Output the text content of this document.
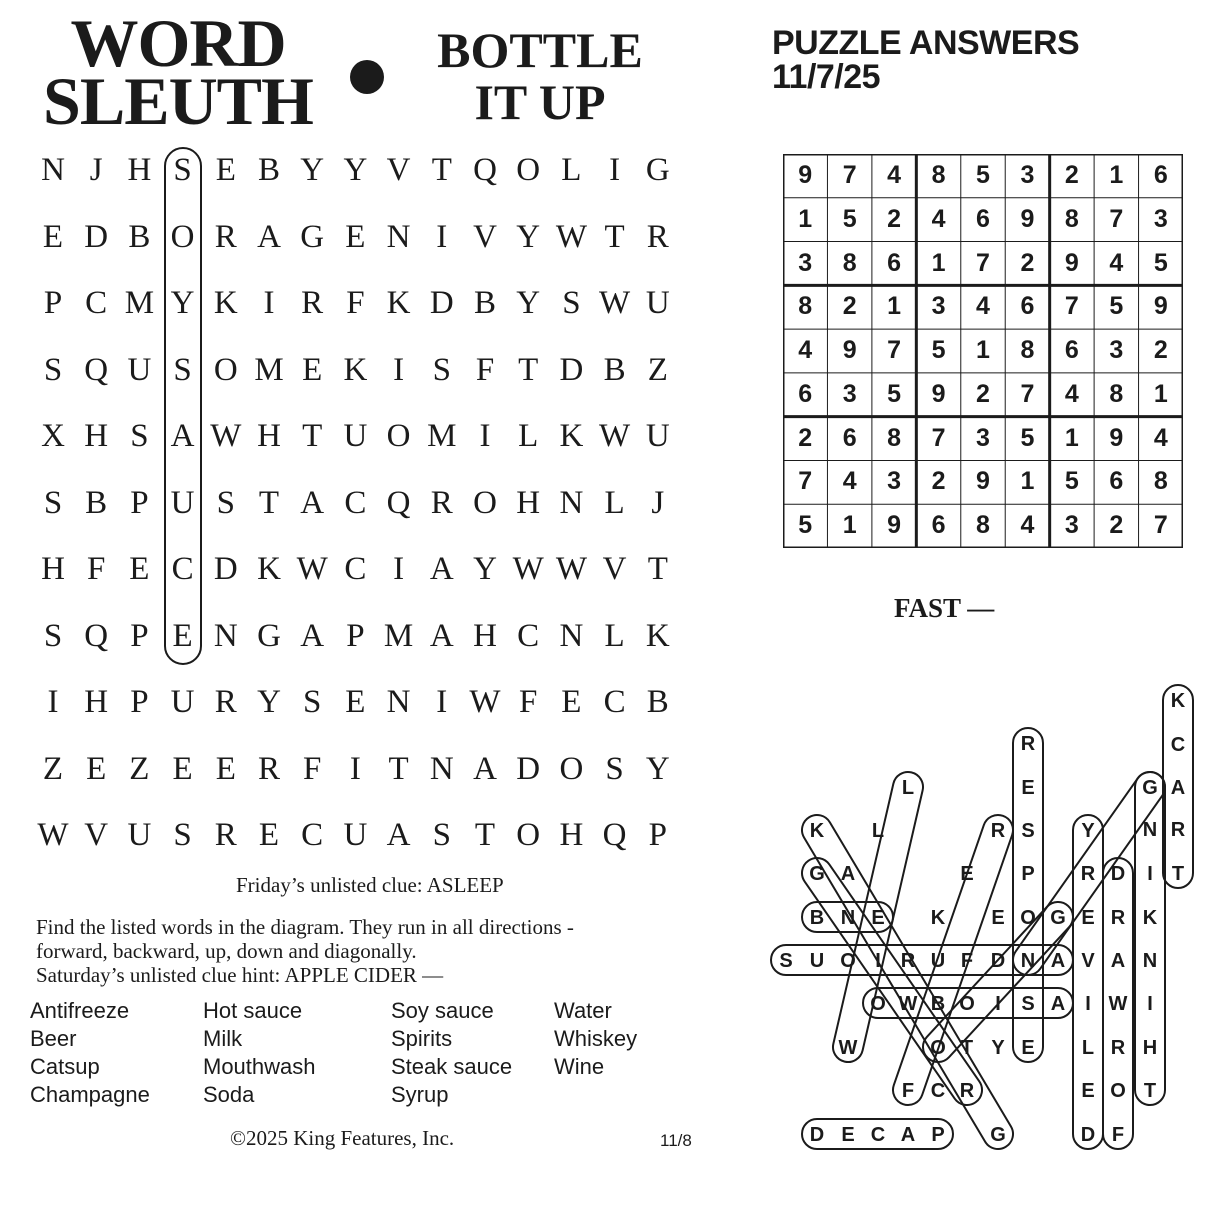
WORD SLEUTH
BOTTLE IT UP
N J H S E B Y Y V T Q O L I G
E D B O R A G E N I V Y W T R
P C M Y K I R F K D B Y S W U
S Q U S O M E K I S F T D B Z
X H S A W H T U O M I L K W U
S B P U S T A C Q R O H N L J
H F E C D K W C I A Y W W V T
S Q P E N G A P M A H C N L K
I H P U R Y S E N I W F E C B
Z E Z E E R F I T N A D O S Y
W V U S R E C U A S T O H Q P
Friday’s unlisted clue: ASLEEP
Find the listed words in the diagram. They run in all directions -
forward, backward, up, down and diagonally.
Saturday’s unlisted clue hint: APPLE CIDER —
Antifreeze
Beer
Catsup
Champagne
Hot sauce
Milk
Mouthwash
Soda
Soy sauce
Spirits
Steak sauce
Syrup
Water
Whiskey
Wine
©2025 King Features, Inc.	11/8
PUZZLE ANSWERS
11/7/25
9	7	4	8	5	3	2	1	6
1	5	2	4	6	9	8	7	3
3	8	6	1	7	2	9	4	5
8	2	1	3	4	6	7	5	9
4	9	7	5	1	8	6	3	2
6	3	5	9	2	7	4	8	1
2	6	8	7	3	5	1	9	4
7	4	3	2	9	1	5	6	8
5	1	9	6	8	4	3	2	7
FAST —
K
C
G A
N R
I T
K
N
I
H
T
R
E
S
P
O
N
S
E
L
K L	R	Y
G A	E	R D
B N E K E G E R
S U O I R U F D A V A
O W B O I A I W
W	O T Y	L R
F C R	E O
D E C A P G	D F
